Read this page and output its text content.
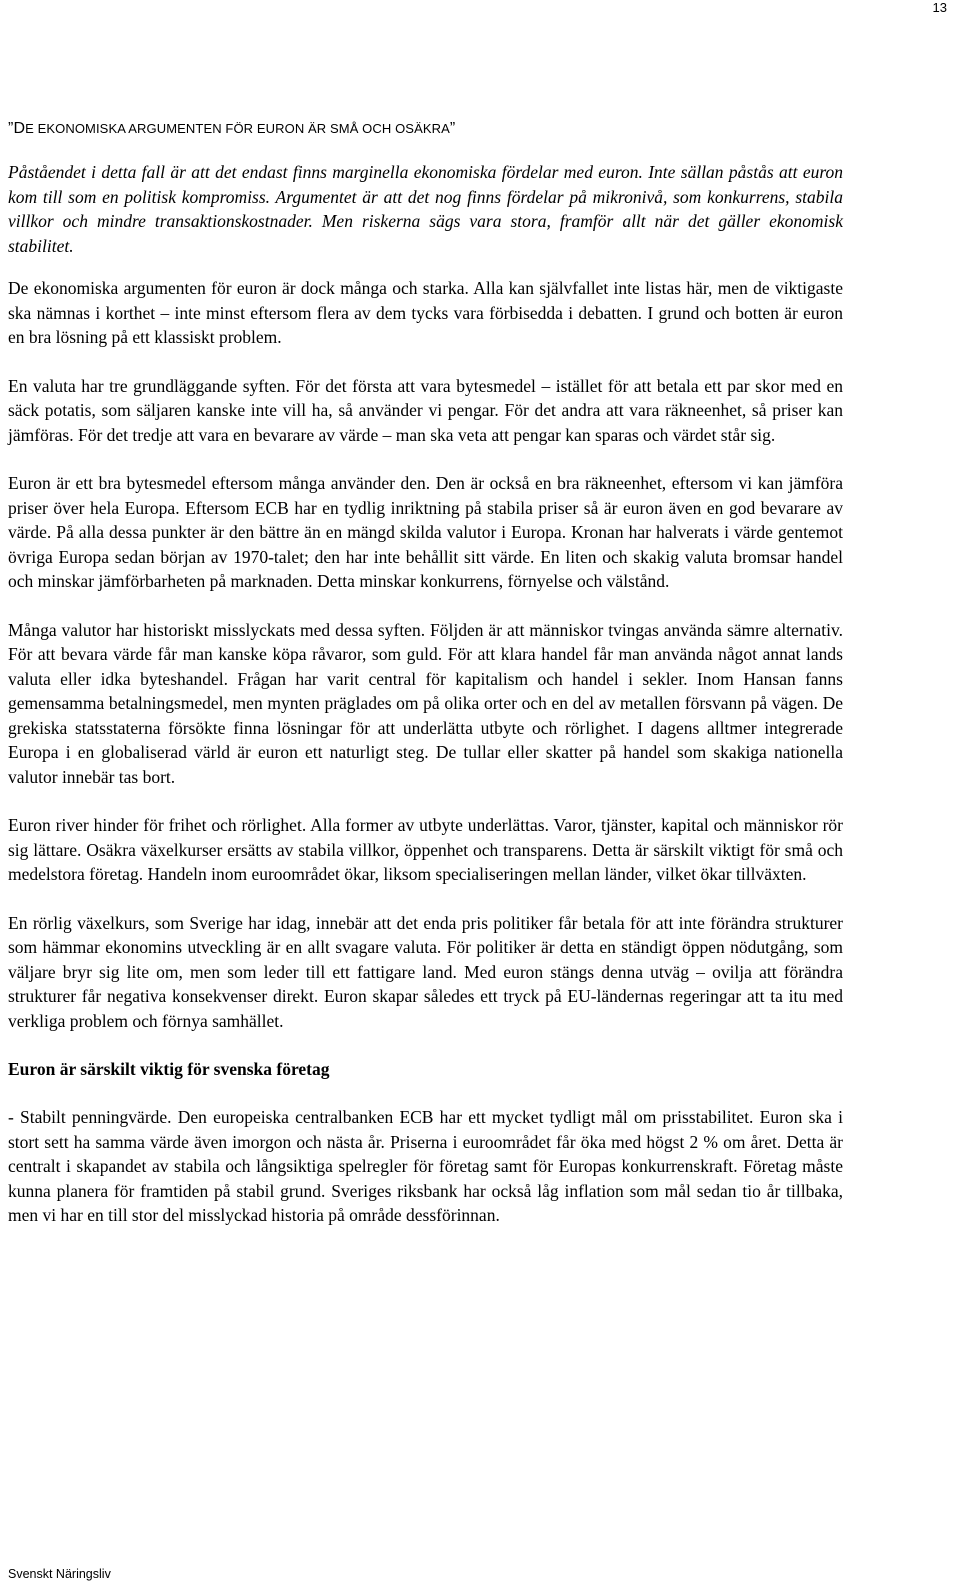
13
”DE EKONOMISKA ARGUMENTEN FÖR EURON ÄR SMÅ OCH OSÄKRA”

Påståendet i detta fall är att det endast finns marginella ekonomiska fördelar med euron. Inte sällan påstås att euron kom till som en politisk kompromiss. Argumentet är att det nog finns fördelar på mikronivå, som konkurrens, stabila villkor och mindre transaktionskostnader. Men riskerna sägs vara stora, framför allt när det gäller ekonomisk stabilitet.

De ekonomiska argumenten för euron är dock många och starka. Alla kan självfallet inte listas här, men de viktigaste ska nämnas i korthet – inte minst eftersom flera av dem tycks vara förbisedda i debatten. I grund och botten är euron en bra lösning på ett klassiskt problem.

En valuta har tre grundläggande syften. För det första att vara bytesmedel – istället för att betala ett par skor med en säck potatis, som säljaren kanske inte vill ha, så använder vi pengar. För det andra att vara räkneenhet, så priser kan jämföras. För det tredje att vara en bevarare av värde – man ska veta att pengar kan sparas och värdet står sig.

Euron är ett bra bytesmedel eftersom många använder den. Den är också en bra räkneenhet, eftersom vi kan jämföra priser över hela Europa. Eftersom ECB har en tydlig inriktning på stabila priser så är euron även en god bevarare av värde. På alla dessa punkter är den bättre än en mängd skilda valutor i Europa. Kronan har halverats i värde gentemot övriga Europa sedan början av 1970-talet; den har inte behållit sitt värde. En liten och skakig valuta bromsar handel och minskar jämförbarheten på marknaden. Detta minskar konkurrens, förnyelse och välstånd.

Många valutor har historiskt misslyckats med dessa syften. Följden är att människor tvingas använda sämre alternativ. För att bevara värde får man kanske köpa råvaror, som guld. För att klara handel får man använda något annat lands valuta eller idka byteshandel. Frågan har varit central för kapitalism och handel i sekler. Inom Hansan fanns gemensamma betalningsmedel, men mynten präglades om på olika orter och en del av metallen försvann på vägen. De grekiska statsstaterna försökte finna lösningar för att underlätta utbyte och rörlighet. I dagens alltmer integrerade Europa i en globaliserad värld är euron ett naturligt steg. De tullar eller skatter på handel som skakiga nationella valutor innebär tas bort.

Euron river hinder för frihet och rörlighet. Alla former av utbyte underlättas. Varor, tjänster, kapital och människor rör sig lättare. Osäkra växelkurser ersätts av stabila villkor, öppenhet och transparens. Detta är särskilt viktigt för små och medelstora företag. Handeln inom euroområdet ökar, liksom specialiseringen mellan länder, vilket ökar tillväxten.

En rörlig växelkurs, som Sverige har idag, innebär att det enda pris politiker får betala för att inte förändra strukturer som hämmar ekonomins utveckling är en allt svagare valuta. För politiker är detta en ständigt öppen nödutgång, som väljare bryr sig lite om, men som leder till ett fattigare land. Med euron stängs denna utväg – ovilja att förändra strukturer får negativa konsekvenser direkt. Euron skapar således ett tryck på EU-ländernas regeringar att ta itu med verkliga problem och förnya samhället.

Euron är särskilt viktig för svenska företag

- Stabilt penningvärde. Den europeiska centralbanken ECB har ett mycket tydligt mål om prisstabilitet. Euron ska i stort sett ha samma värde även imorgon och nästa år. Priserna i euroområdet får öka med högst 2 % om året. Detta är centralt i skapandet av stabila och långsiktiga spelregler för företag samt för Europas konkurrenskraft. Företag måste kunna planera för framtiden på stabil grund. Sveriges riksbank har också låg inflation som mål sedan tio år tillbaka, men vi har en till stor del misslyckad historia på område dessförinnan.

Svenskt Näringsliv
